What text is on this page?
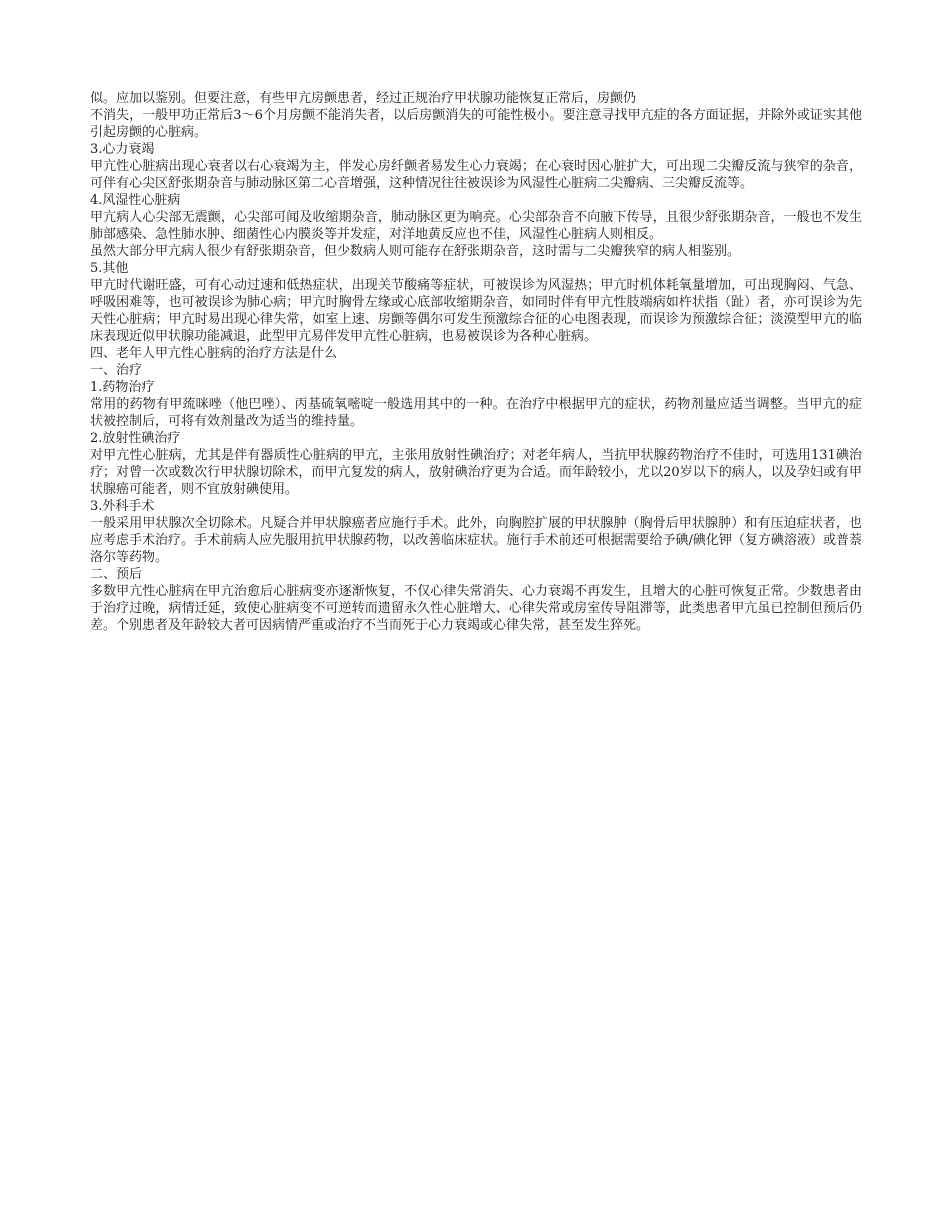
似。应加以鉴别。但要注意，有些甲亢房颤患者，经过正规治疗甲状腺功能恢复正常后，房颤仍

不消失，一般甲功正常后3～6个月房颤不能消失者，以后房颤消失的可能性极小。要注意寻找甲亢症的各方面证据，并除外或证实其他引起房颤的心脏病。

3.心力衰竭

甲亢性心脏病出现心衰者以右心衰竭为主，伴发心房纤颤者易发生心力衰竭；在心衰时因心脏扩大，可出现二尖瓣反流与狭窄的杂音，可伴有心尖区舒张期杂音与肺动脉区第二心音增强，这种情况往往被误诊为风湿性心脏病二尖瓣病、三尖瓣反流等。

4.风湿性心脏病

甲亢病人心尖部无震颤，心尖部可闻及收缩期杂音，肺动脉区更为响亮。心尖部杂音不向腋下传导，且很少舒张期杂音，一般也不发生肺部感染、急性肺水肿、细菌性心内膜炎等并发症，对洋地黄反应也不佳，风湿性心脏病人则相反。

虽然大部分甲亢病人很少有舒张期杂音，但少数病人则可能存在舒张期杂音，这时需与二尖瓣狭窄的病人相鉴别。

5.其他

甲亢时代谢旺盛，可有心动过速和低热症状，出现关节酸痛等症状，可被误诊为风湿热；甲亢时机体耗氧量增加，可出现胸闷、气急、呼吸困难等，也可被误诊为肺心病；甲亢时胸骨左缘或心底部收缩期杂音，如同时伴有甲亢性肢端病如杵状指（趾）者，亦可误诊为先天性心脏病；甲亢时易出现心律失常，如室上速、房颤等偶尔可发生预激综合征的心电图表现，而误诊为预激综合征；淡漠型甲亢的临床表现近似甲状腺功能减退，此型甲亢易伴发甲亢性心脏病，也易被误诊为各种心脏病。

四、老年人甲亢性心脏病的治疗方法是什么

一、治疗

1.药物治疗

常用的药物有甲巯咪唑（他巴唑）、丙基硫氧嘧啶一般选用其中的一种。在治疗中根据甲亢的症状，药物剂量应适当调整。当甲亢的症状被控制后，可将有效剂量改为适当的维持量。

2.放射性碘治疗

对甲亢性心脏病，尤其是伴有器质性心脏病的甲亢，主张用放射性碘治疗；对老年病人，当抗甲状腺药物治疗不佳时，可选用131碘治疗；对曾一次或数次行甲状腺切除术，而甲亢复发的病人，放射碘治疗更为合适。而年龄较小，尤以20岁以下的病人，以及孕妇或有甲状腺癌可能者，则不宜放射碘使用。

3.外科手术

一般采用甲状腺次全切除术。凡疑合并甲状腺癌者应施行手术。此外，向胸腔扩展的甲状腺肿（胸骨后甲状腺肿）和有压迫症状者，也应考虑手术治疗。手术前病人应先服用抗甲状腺药物，以改善临床症状。施行手术前还可根据需要给予碘/碘化钾（复方碘溶液）或普萘洛尔等药物。

二、预后

多数甲亢性心脏病在甲亢治愈后心脏病变亦逐渐恢复，不仅心律失常消失、心力衰竭不再发生，且增大的心脏可恢复正常。少数患者由于治疗过晚，病情迁延，致使心脏病变不可逆转而遗留永久性心脏增大、心律失常或房室传导阻滞等，此类患者甲亢虽已控制但预后仍差。个别患者及年龄较大者可因病情严重或治疗不当而死于心力衰竭或心律失常，甚至发生猝死。
